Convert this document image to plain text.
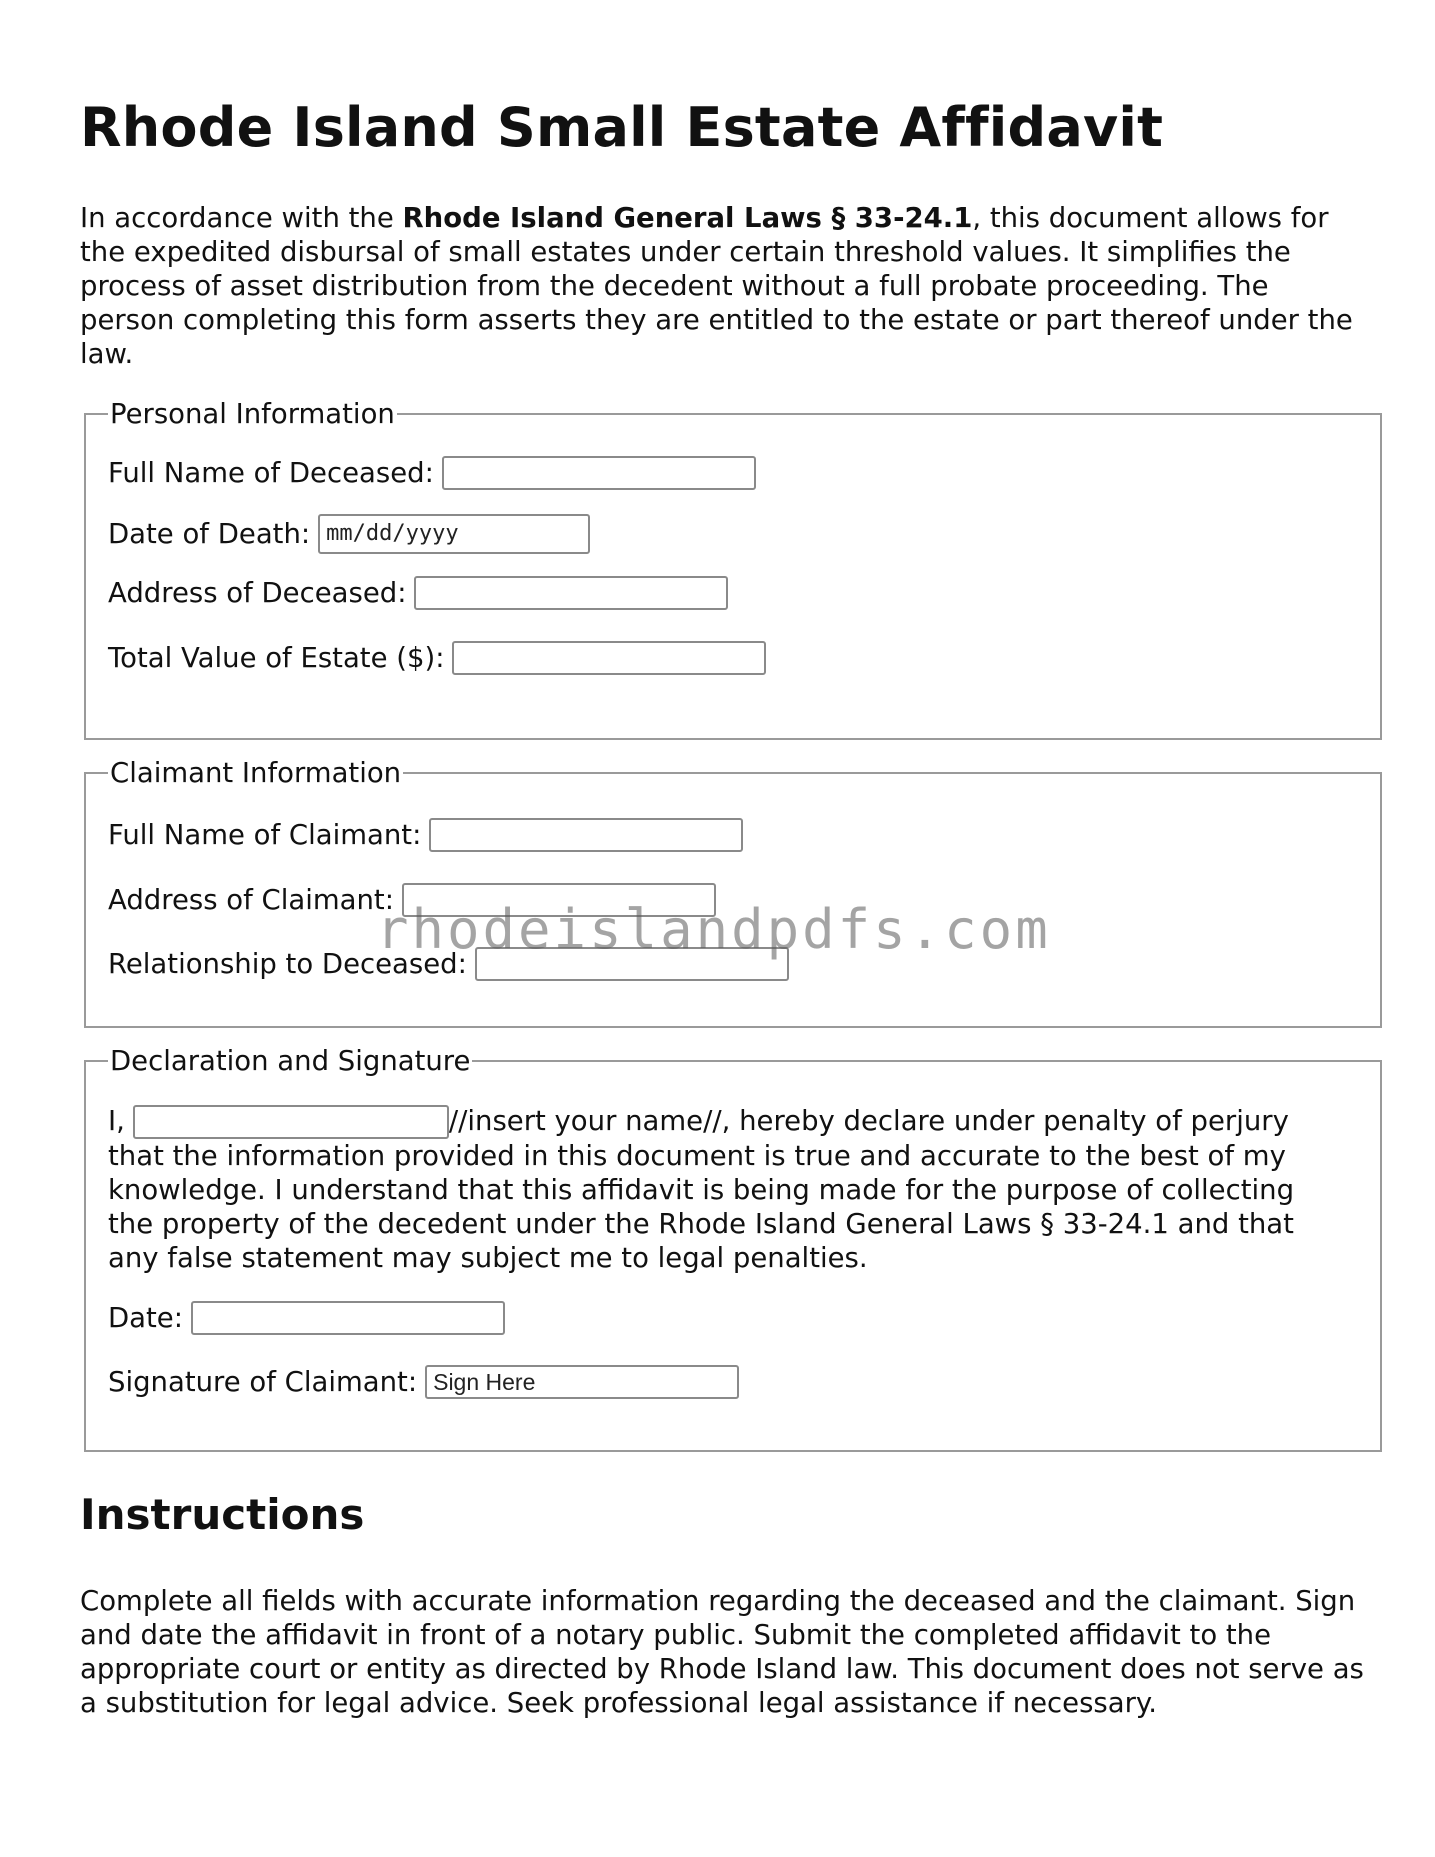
Rhode Island Small Estate Affidavit

In accordance with the Rhode Island General Laws § 33-24.1, this document allows for the expedited disbursal of small estates under certain threshold values. It simplifies the process of asset distribution from the decedent without a full probate proceeding. The person completing this form asserts they are entitled to the estate or part thereof under the law.

Personal Information
Full Name of Deceased:
Date of Death: mm/dd/yyyy
Address of Deceased:
Total Value of Estate ($):
Claimant Information
Full Name of Claimant:
Address of Claimant:
Relationship to Deceased:
Declaration and Signature
I,	//insert your name//, hereby declare under penalty of perjury that the information provided in this document is true and accurate to the best of my knowledge. I understand that this affidavit is being made for the purpose of collecting the property of the decedent under the Rhode Island General Laws § 33-24.1 and that any false statement may subject me to legal penalties.
Date:
Signature of Claimant: Sign Here
Instructions

Complete all fields with accurate information regarding the deceased and the claimant. Sign and date the affidavit in front of a notary public. Submit the completed affidavit to the appropriate court or entity as directed by Rhode Island law. This document does not serve as a substitution for legal advice. Seek professional legal assistance if necessary.

rhodeislandpdfs.com
